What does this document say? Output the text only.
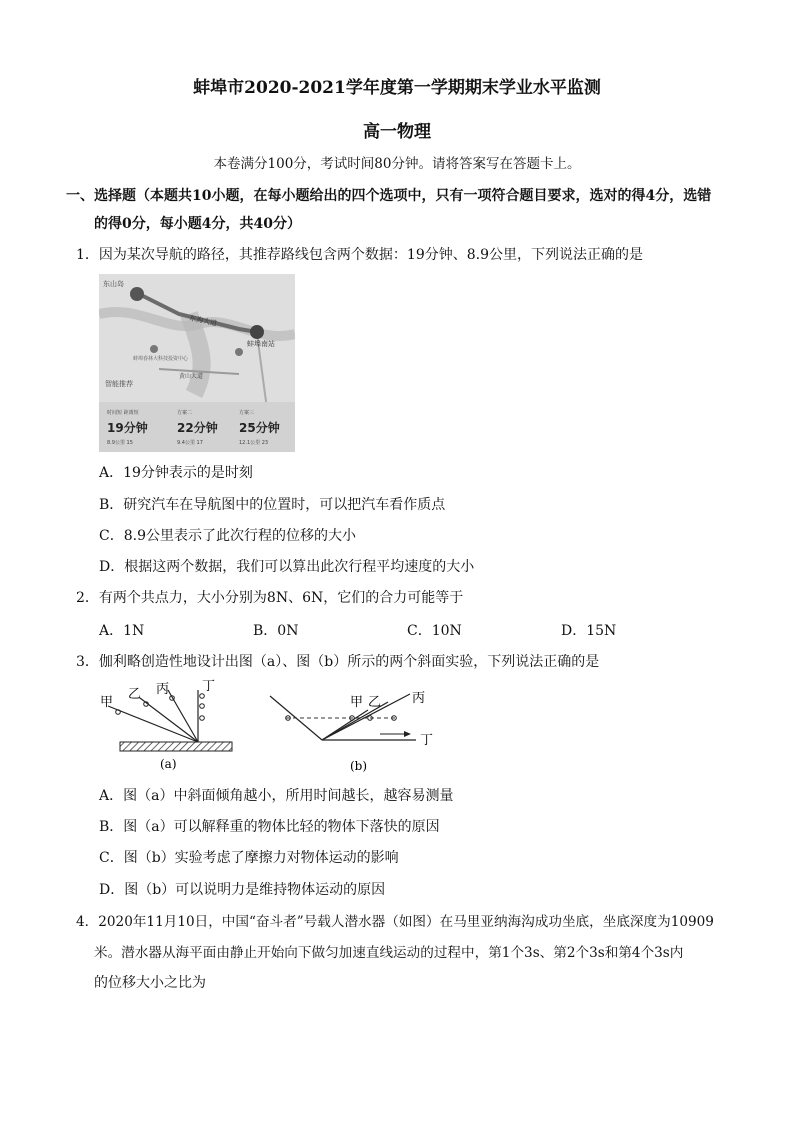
蚌埠市2020-2021学年度第一学期期末学业水平监测
高一物理
本卷满分100分，考试时间80分钟。请将答案写在答题卡上。
一、选择题（本题共10小题，在每小题给出的四个选项中，只有一项符合题目要求，选对的得4分，选错
的得0分，每小题4分，共40分）
1．因为某次导航的路径，其推荐路线包含两个数据：19分钟、8.9公里，下列说法正确的是
东山岛
东海大道
蚌埠南站
蚌埠春林大科技投资中心
黄山大道
智能推荐
时间短 距离短
19分钟
8.9公里 15
方案二
22分钟
9.4公里 17
方案三
25分钟
12.1公里 23
A．19分钟表示的是时刻
B．研究汽车在导航图中的位置时，可以把汽车看作质点
C．8.9公里表示了此次行程的位移的大小
D．根据这两个数据，我们可以算出此次行程平均速度的大小
2．有两个共点力，大小分别为8N、6N，它们的合力可能等于
A．1N	B．0N	C．10N	D．15N
3．伽利略创造性地设计出图（a）、图（b）所示的两个斜面实验，下列说法正确的是
甲
乙 丙	丁
(a)
甲 乙 丙
丁
(b)
A．图（a）中斜面倾角越小，所用时间越长，越容易测量
B．图（a）可以解释重的物体比轻的物体下落快的原因
C．图（b）实验考虑了摩擦力对物体运动的影响
D．图（b）可以说明力是维持物体运动的原因
4．2020年11月10日，中国“奋斗者”号载人潜水器（如图）在马里亚纳海沟成功坐底，坐底深度为10909
米。潜水器从海平面由静止开始向下做匀加速直线运动的过程中，第1个3s、第2个3s和第4个3s内
的位移大小之比为
